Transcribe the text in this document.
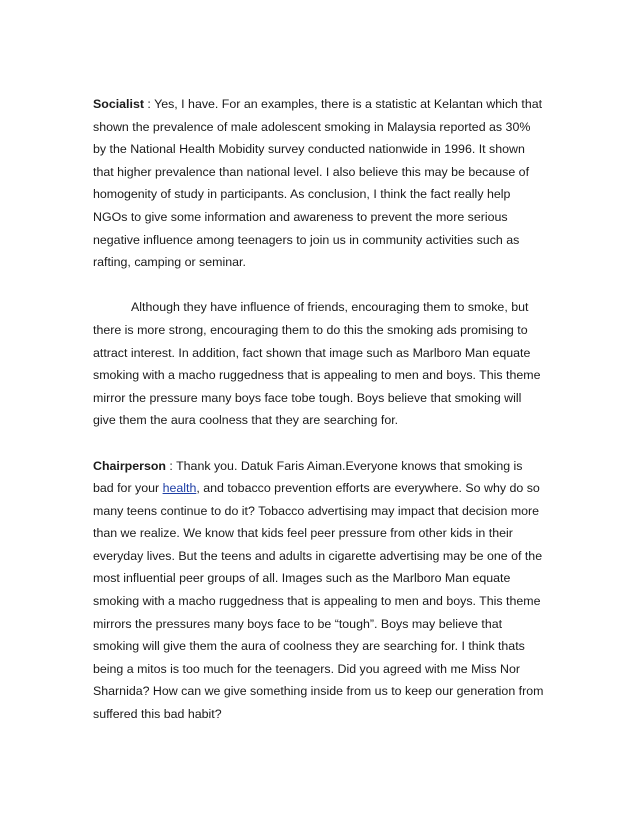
Socialist : Yes, I have. For an examples, there is a statistic at Kelantan which that shown the prevalence of male adolescent smoking in Malaysia reported as 30% by the National Health Mobidity survey conducted nationwide in 1996. It shown that higher prevalence than national level. I also believe this may be because of homogenity of study in participants. As conclusion, I think the fact really help NGOs to give some information and awareness to prevent the more serious negative influence among teenagers to join us in community activities such as rafting, camping or seminar.

Although they have influence of friends, encouraging them to smoke, but there is more strong, encouraging them to do this the smoking ads promising to attract interest. In addition, fact shown that image such as Marlboro Man equate smoking with a macho ruggedness that is appealing to men and boys. This theme mirror the pressure many boys face tobe tough. Boys believe that smoking will give them the aura coolness that they are searching for.

Chairperson : Thank you. Datuk Faris Aiman.Everyone knows that smoking is bad for your health, and tobacco prevention efforts are everywhere. So why do so many teens continue to do it? Tobacco advertising may impact that decision more than we realize. We know that kids feel peer pressure from other kids in their everyday lives. But the teens and adults in cigarette advertising may be one of the most influential peer groups of all. Images such as the Marlboro Man equate smoking with a macho ruggedness that is appealing to men and boys. This theme mirrors the pressures many boys face to be “tough”. Boys may believe that smoking will give them the aura of coolness they are searching for. I think thats being a mitos is too much for the teenagers. Did you agreed with me Miss Nor Sharnida? How can we give something inside from us to keep our generation from suffered this bad habit?
